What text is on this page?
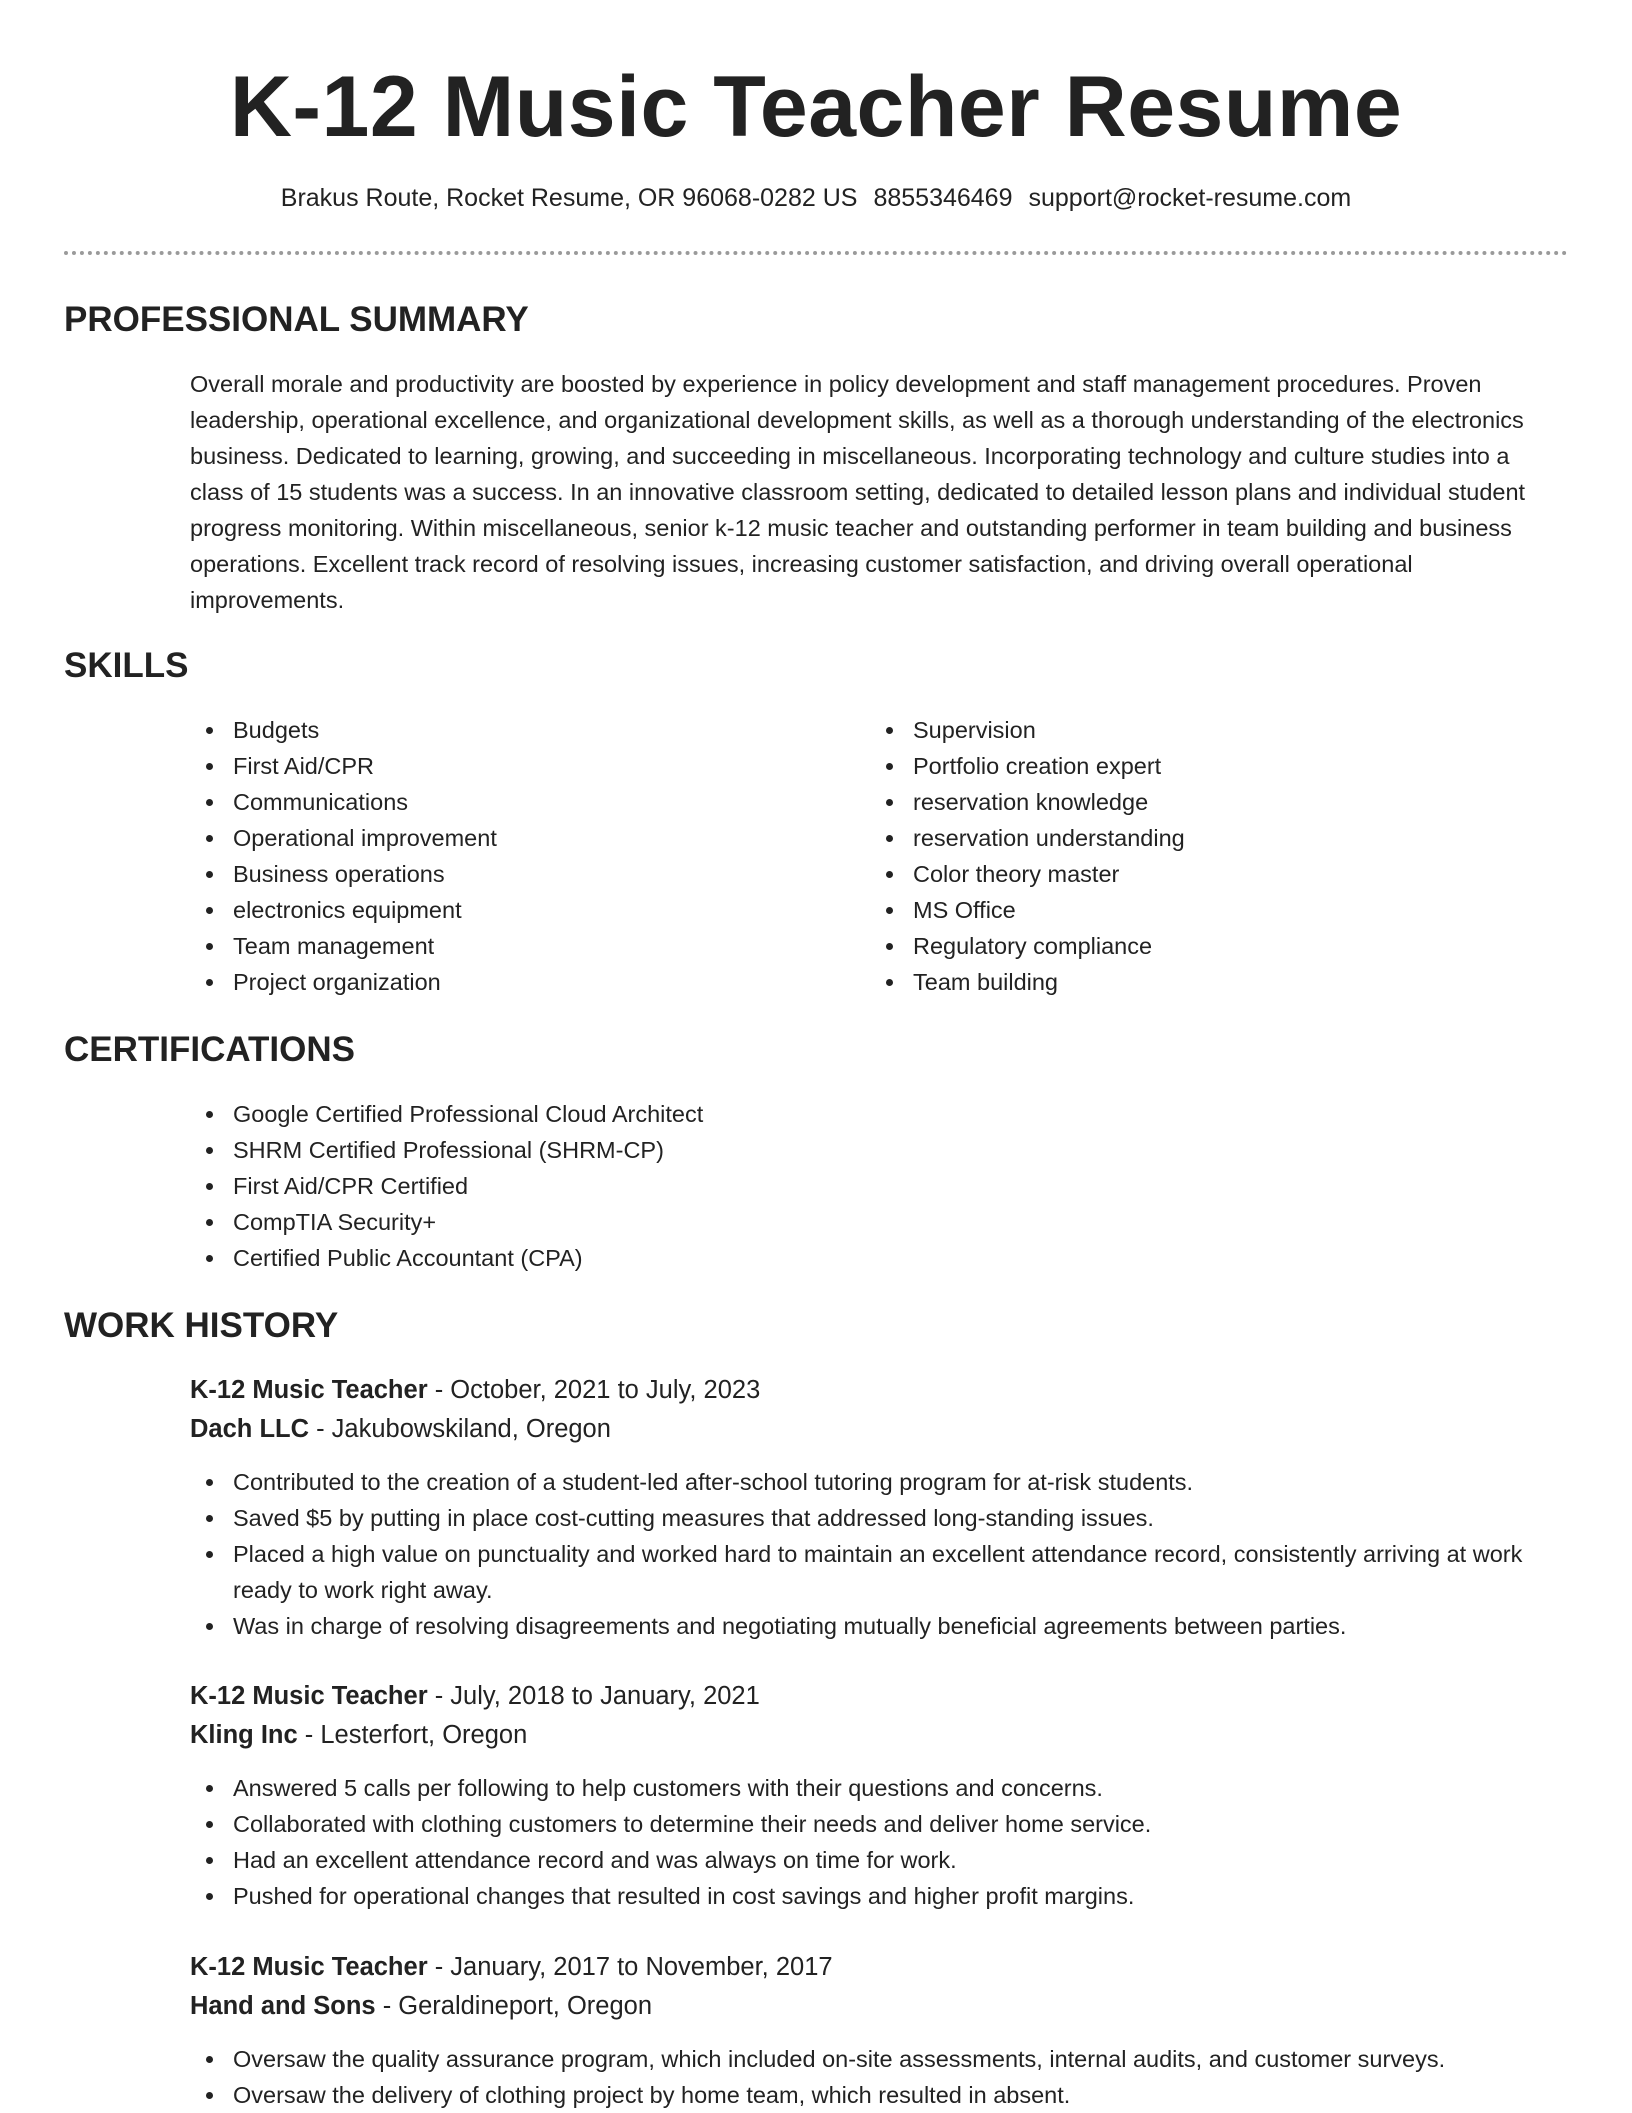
K-12 Music Teacher Resume
Brakus Route, Rocket Resume, OR 96068-0282 US 8855346469 support@rocket-resume.com
PROFESSIONAL SUMMARY

Overall morale and productivity are boosted by experience in policy development and staff management procedures. Proven leadership, operational excellence, and organizational development skills, as well as a thorough understanding of the electronics business. Dedicated to learning, growing, and succeeding in miscellaneous. Incorporating technology and culture studies into a class of 15 students was a success. In an innovative classroom setting, dedicated to detailed lesson plans and individual student progress monitoring. Within miscellaneous, senior k-12 music teacher and outstanding performer in team building and business operations. Excellent track record of resolving issues, increasing customer satisfaction, and driving overall operational improvements.

SKILLS
Budgets
First Aid/CPR
Communications
Operational improvement
Business operations
electronics equipment
Team management
Project organization
Supervision
Portfolio creation expert
reservation knowledge
reservation understanding
Color theory master
MS Office
Regulatory compliance
Team building
CERTIFICATIONS
Google Certified Professional Cloud Architect
SHRM Certified Professional (SHRM-CP)
First Aid/CPR Certified
CompTIA Security+
Certified Public Accountant (CPA)
WORK HISTORY
K-12 Music Teacher - October, 2021 to July, 2023
Dach LLC - Jakubowskiland, Oregon
Contributed to the creation of a student-led after-school tutoring program for at-risk students.
Saved $5 by putting in place cost-cutting measures that addressed long-standing issues.
Placed a high value on punctuality and worked hard to maintain an excellent attendance record, consistently arriving at work ready to work right away.
Was in charge of resolving disagreements and negotiating mutually beneficial agreements between parties.
K-12 Music Teacher - July, 2018 to January, 2021
Kling Inc - Lesterfort, Oregon
Answered 5 calls per following to help customers with their questions and concerns.
Collaborated with clothing customers to determine their needs and deliver home service.
Had an excellent attendance record and was always on time for work.
Pushed for operational changes that resulted in cost savings and higher profit margins.
K-12 Music Teacher - January, 2017 to November, 2017
Hand and Sons - Geraldineport, Oregon
Oversaw the quality assurance program, which included on-site assessments, internal audits, and customer surveys.
Oversaw the delivery of clothing project by home team, which resulted in absent.
